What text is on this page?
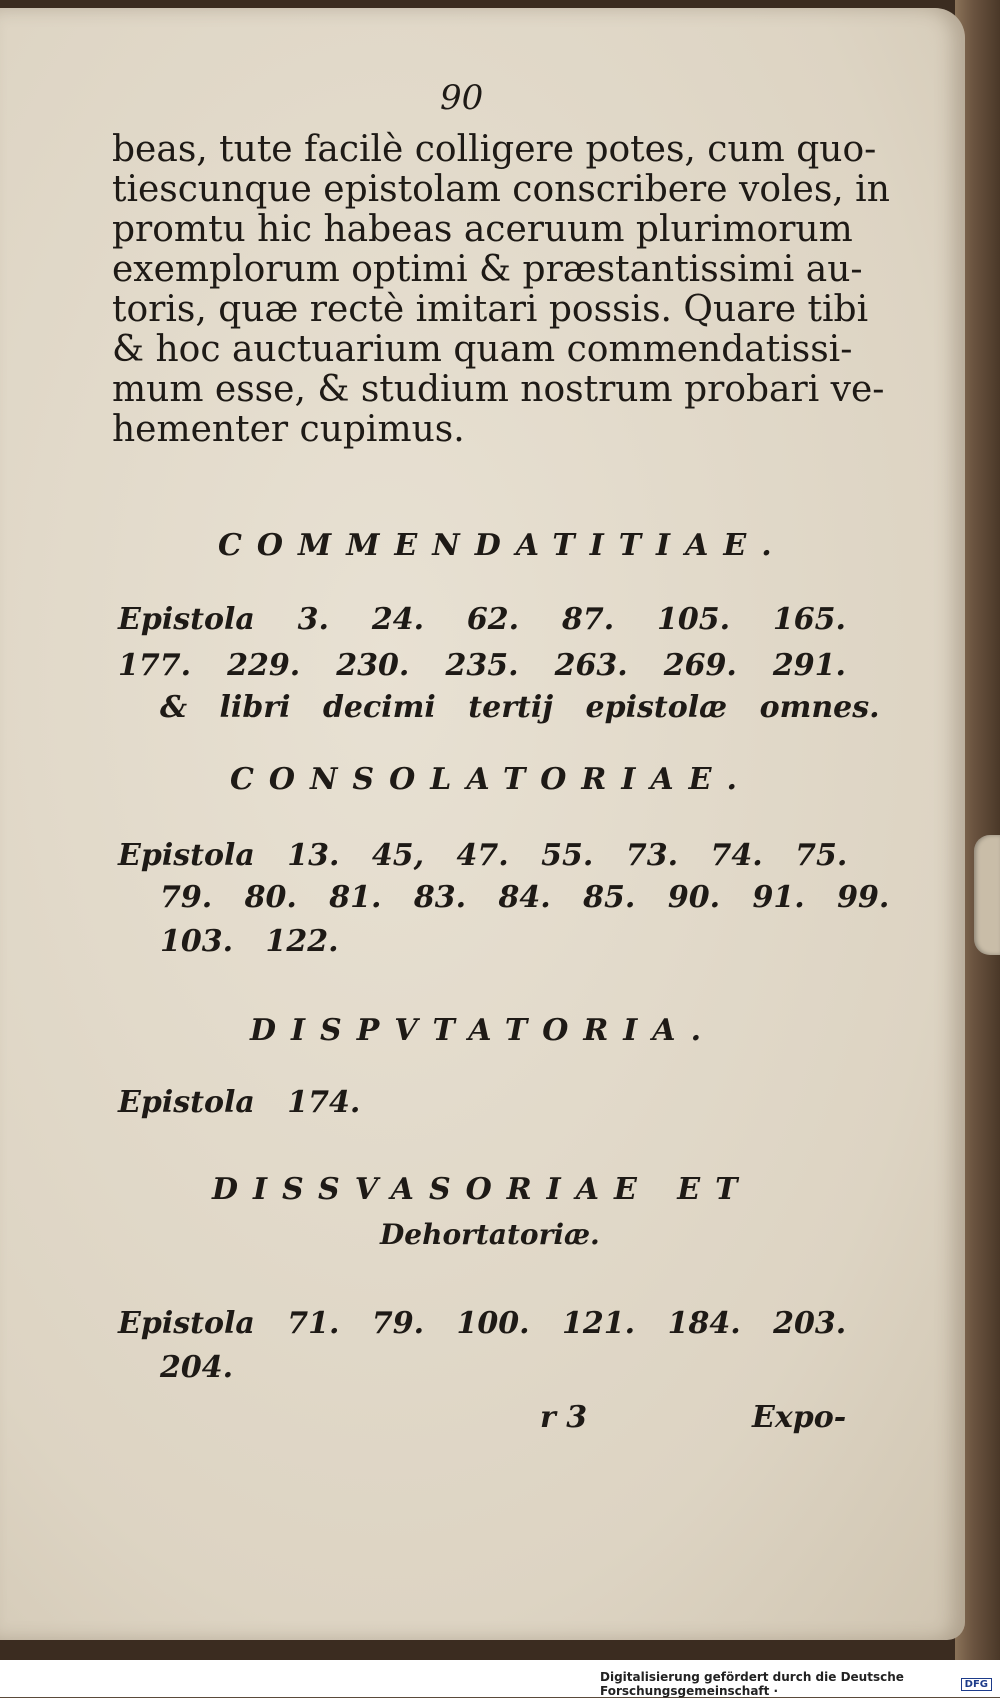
90
beas, tute facilè colligere potes, cum quo-
tiescunque epistolam conscribere voles, in
promtu hic habeas aceruum plurimorum
exemplorum optimi & præstantissimi au-
toris, quæ rectè imitari possis. Quare tibi
& hoc auctuarium quam commendatissi-
mum esse, & studium nostrum probari ve-
hementer cupimus.
COMMENDATITIAE.
Epistola 3. 24. 62. 87. 105. 165.
177. 229. 230. 235. 263. 269. 291.
& libri decimi tertij epistolæ omnes.
CONSOLATORIAE.
Epistola 13. 45, 47. 55. 73. 74. 75.
79. 80. 81. 83. 84. 85. 90. 91. 99.
103. 122.
DISPVTATORIA.
Epistola 174.
DISSVASORIAE ET
Dehortatoriæ.
Epistola 71. 79. 100. 121. 184. 203.
204.
r 3	Expo-
Digitalisierung gefördert durch die Deutsche Forschungsgemeinschaft ·	DFG
